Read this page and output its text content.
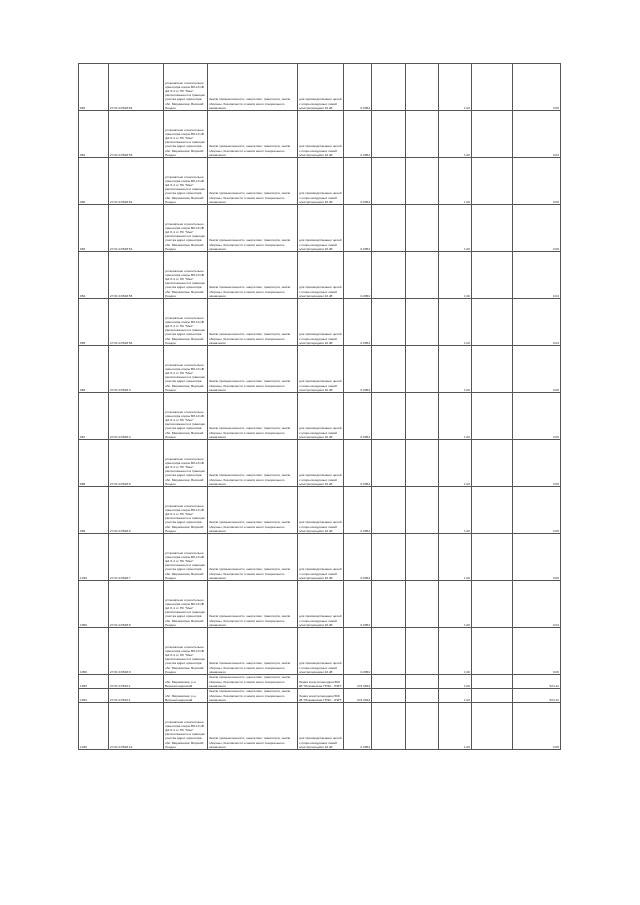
982	27:01:0:0528:54	установлено относительно ориентира опоры ВЛ-10 кВ ф4 Л-4 от ПС "Мыс" расположенного в границах участка адрес ориентира: обл. Мирнинская, Верхний Лондон	Земли промышленности, энергетики, транспорта, земли обороны, безопасности и земли иного специального назначения	для производственных целей с опоры воздушных линий электропередачи 10 кВ	0.0054			1.00		0.05
981	27:01:0:0528:53	установлено относительно ориентира опоры ВЛ-10 кВ ф4 Л-4 от ПС "Мыс" расположенного в границах участка адрес ориентира: обл. Мирнинская, Верхний Лондон	Земли промышленности, энергетики, транспорта, земли обороны, безопасности и земли иного специального назначения	для производственных целей с опоры воздушных линий электропередачи 10 кВ	0.0054			1.00		0.04
980	27:01:0:0528:52	установлено относительно ориентира опоры ВЛ-10 кВ ф4 Л-4 от ПС "Мыс" расположенного в границах участка адрес ориентира: обл. Мирнинская, Верхний Лондон	Земли промышленности, энергетики, транспорта, земли обороны, безопасности и земли иного специального назначения	для производственных целей с опоры воздушных линий электропередачи 10 кВ	0.0054			1.00		0.06
983	27:01:0:0528:51	установлено относительно ориентира опоры ВЛ-10 кВ ф4 Л-4 от ПС "Мыс" расположенного в границах участка адрес ориентира: обл. Мирнинская, Верхний Лондон	Земли промышленности, энергетики, транспорта, земли обороны, безопасности и земли иного специального назначения	для производственных целей с опоры воздушных линий электропередачи 10 кВ	0.0054			1.00		0.06
984	27:01:0:0528:55	установлено относительно ориентира опоры ВЛ-10 кВ ф4 Л-4 от ПС "Мыс" расположенного в границах участка адрес ориентира: обл. Мирнинская, Верхний Лондон	Земли промышленности, энергетики, транспорта, земли обороны, безопасности и земли иного специального назначения	для производственных целей с опоры воздушных линий электропередачи 10 кВ	0.0054			1.00		0.04
985	27:01:0:0528:56	установлено относительно ориентира опоры ВЛ-10 кВ ф4 Л-4 от ПС "Мыс" расположенного в границах участка адрес ориентира: обл. Мирнинская, Верхний Лондон	Земли промышленности, энергетики, транспорта, земли обороны, безопасности и земли иного специального назначения	для производственных целей с опоры воздушных линий электропередачи 10 кВ	0.0054			1.00		0.04
986	27:01:0:0528:3	установлено относительно ориентира опоры ВЛ-10 кВ ф4 Л-4 от ПС "Мыс" расположенного в границах участка адрес ориентира: обл. Мирнинская, Верхний Лондон	Земли промышленности, энергетики, транспорта, земли обороны, безопасности и земли иного специального назначения	для производственных целей с опоры воздушных линий электропередачи 10 кВ	0.0054			1.00		0.05
987	27:01:0:0528:4	установлено относительно ориентира опоры ВЛ-10 кВ ф4 Л-4 от ПС "Мыс" расположенного в границах участка адрес ориентира: обл. Мирнинская, Верхний Лондон	Земли промышленности, энергетики, транспорта, земли обороны, безопасности и земли иного специального назначения	для производственных целей с опоры воздушных линий электропередачи 10 кВ	0.0054			1.00		0.05
988	27:01:0:0528:5	установлено относительно ориентира опоры ВЛ-10 кВ ф4 Л-4 от ПС "Мыс" расположенного в границах участка адрес ориентира: обл. Мирнинская, Верхний Лондон	Земли промышленности, энергетики, транспорта, земли обороны, безопасности и земли иного специального назначения	для производственных целей с опоры воздушных линий электропередачи 10 кВ	0.0054			1.00		0.05
989	27:01:0:0528:6	установлено относительно ориентира опоры ВЛ-10 кВ ф4 Л-4 от ПС "Мыс" расположенного в границах участка адрес ориентира: обл. Мирнинская, Верхний Лондон	Земли промышленности, энергетики, транспорта, земли обороны, безопасности и земли иного специального назначения	для производственных целей с опоры воздушных линий электропередачи 10 кВ	0.0054			1.00		0.05
1049	27:01:0:0528:7	установлено относительно ориентира опоры ВЛ-10 кВ ф4 Л-4 от ПС "Мыс" расположенного в границах участка адрес ориентира: обл. Мирнинская, Верхний Лондон	Земли промышленности, энергетики, транспорта, земли обороны, безопасности и земли иного специального назначения	для производственных целей с опоры воздушных линий электропередачи 10 кВ	0.0054			1.00		0.05
1050	27:01:0:0528:8	установлено относительно ориентира опоры ВЛ-10 кВ ф4 Л-4 от ПС "Мыс" расположенного в границах участка адрес ориентира: обл. Мирнинская, Верхний Лондон	Земли промышленности, энергетики, транспорта, земли обороны, безопасности и земли иного специального назначения	для производственных целей с опоры воздушных линий электропередачи 10 кВ	0.0054			1.00		0.04
1050	27:01:0:0528:9	установлено относительно ориентира опоры ВЛ-10 кВ ф4 Л-4 от ПС "Мыс" расположенного в границах участка адрес ориентира: обл. Мирнинская, Верхний Лондон	Земли промышленности, энергетики, транспорта, земли обороны, безопасности и земли иного специального назначения	для производственных целей с опоры воздушных линий электропередачи 10 кВ	0.0054			1.00		0.06
1053	27:01:0:0522:1	обл. Мирнинская, р-н Верхнелондонский	Земли промышленности, энергетики, транспорта, земли обороны, безопасности и земли иного специального назначения	Линия электропередачи 500 кВ "Мокшанская ГРЭС - ЛЭП"	272.0624			1.00		524.12
1054	27:01:0:0524:1	обл. Мирнинская, р-н Верхнелондонский	Земли промышленности, энергетики, транспорта, земли обороны, безопасности и земли иного специального назначения	Линия электропередачи 500 кВ "Мокшанская ГРЭС - ЛЭП"	272.0624			1.00		524.12
1045	27:01:0:0528:10	установлено относительно ориентира опоры ВЛ-10 кВ ф4 Л-4 от ПС "Мыс" расположенного в границах участка адрес ориентира: обл. Мирнинская, Верхний Лондон	Земли промышленности, энергетики, транспорта, земли обороны, безопасности и земли иного специального назначения	для производственных целей с опоры воздушных линий электропередачи 10 кВ	0.0054			1.00		0.05
